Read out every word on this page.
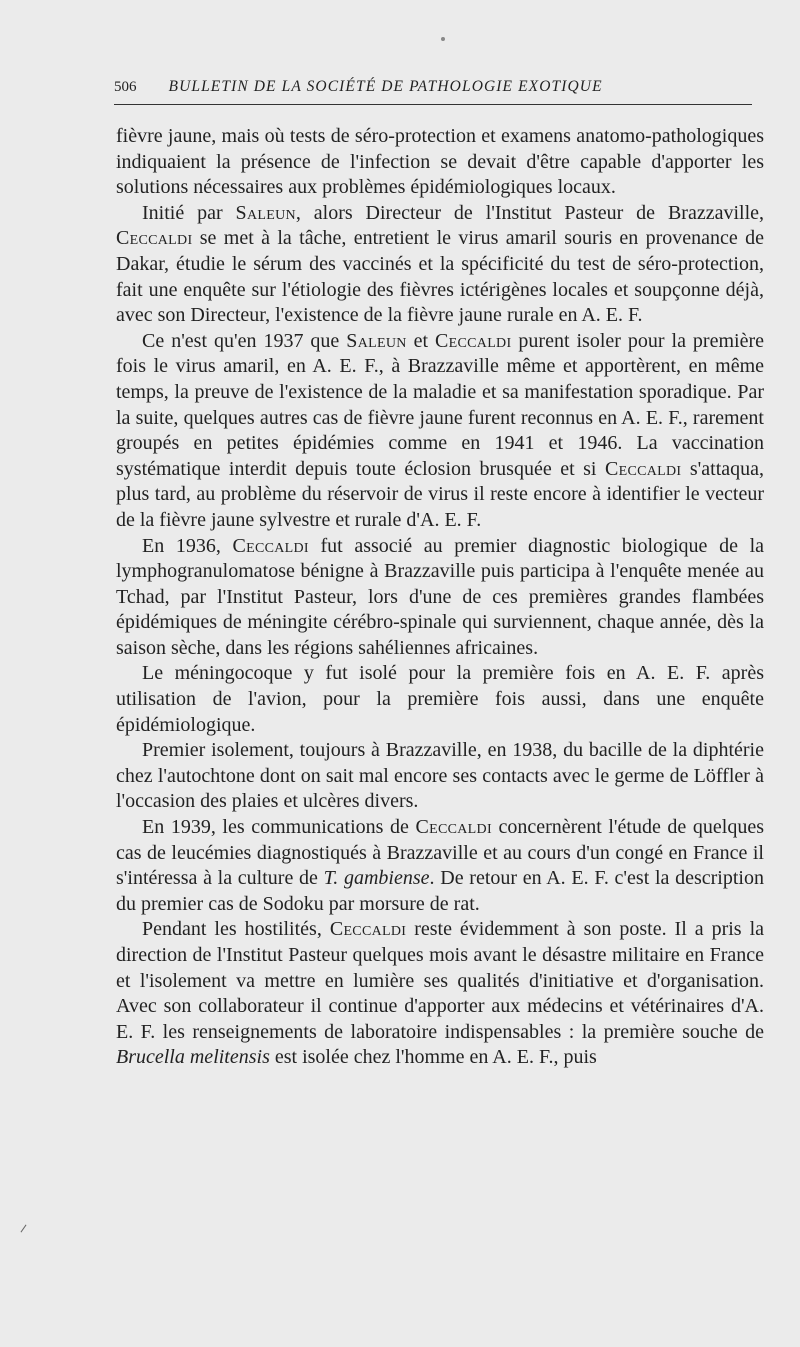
506 BULLETIN DE LA SOCIÉTÉ DE PATHOLOGIE EXOTIQUE

fièvre jaune, mais où tests de séro-protection et examens anatomo-pathologiques indiquaient la présence de l'infection se devait d'être capable d'apporter les solutions nécessaires aux problèmes épidémiologiques locaux.

Initié par Saleun, alors Directeur de l'Institut Pasteur de Brazzaville, Ceccaldi se met à la tâche, entretient le virus amaril souris en provenance de Dakar, étudie le sérum des vaccinés et la spécificité du test de séro-protection, fait une enquête sur l'étiologie des fièvres ictérigènes locales et soupçonne déjà, avec son Directeur, l'existence de la fièvre jaune rurale en A. E. F.

Ce n'est qu'en 1937 que Saleun et Ceccaldi purent isoler pour la première fois le virus amaril, en A. E. F., à Brazzaville même et apportèrent, en même temps, la preuve de l'existence de la maladie et sa manifestation sporadique. Par la suite, quelques autres cas de fièvre jaune furent reconnus en A. E. F., rarement groupés en petites épidémies comme en 1941 et 1946. La vaccination systématique interdit depuis toute éclosion brusquée et si Ceccaldi s'attaqua, plus tard, au problème du réservoir de virus il reste encore à identifier le vecteur de la fièvre jaune sylvestre et rurale d'A. E. F.

En 1936, Ceccaldi fut associé au premier diagnostic biologique de la lymphogranulomatose bénigne à Brazzaville puis participa à l'enquête menée au Tchad, par l'Institut Pasteur, lors d'une de ces premières grandes flambées épidémiques de méningite cérébro-spinale qui surviennent, chaque année, dès la saison sèche, dans les régions sahéliennes africaines.

Le méningocoque y fut isolé pour la première fois en A. E. F. après utilisation de l'avion, pour la première fois aussi, dans une enquête épidémiologique.

Premier isolement, toujours à Brazzaville, en 1938, du bacille de la diphtérie chez l'autochtone dont on sait mal encore ses contacts avec le germe de Löffler à l'occasion des plaies et ulcères divers.

En 1939, les communications de Ceccaldi concernèrent l'étude de quelques cas de leucémies diagnostiqués à Brazzaville et au cours d'un congé en France il s'intéressa à la culture de T. gambiense. De retour en A. E. F. c'est la description du premier cas de Sodoku par morsure de rat.

Pendant les hostilités, Ceccaldi reste évidemment à son poste. Il a pris la direction de l'Institut Pasteur quelques mois avant le désastre militaire en France et l'isolement va mettre en lumière ses qualités d'initiative et d'organisation. Avec son collaborateur il continue d'apporter aux médecins et vétérinaires d'A. E. F. les renseignements de laboratoire indispensables : la première souche de Brucella melitensis est isolée chez l'homme en A. E. F., puis
